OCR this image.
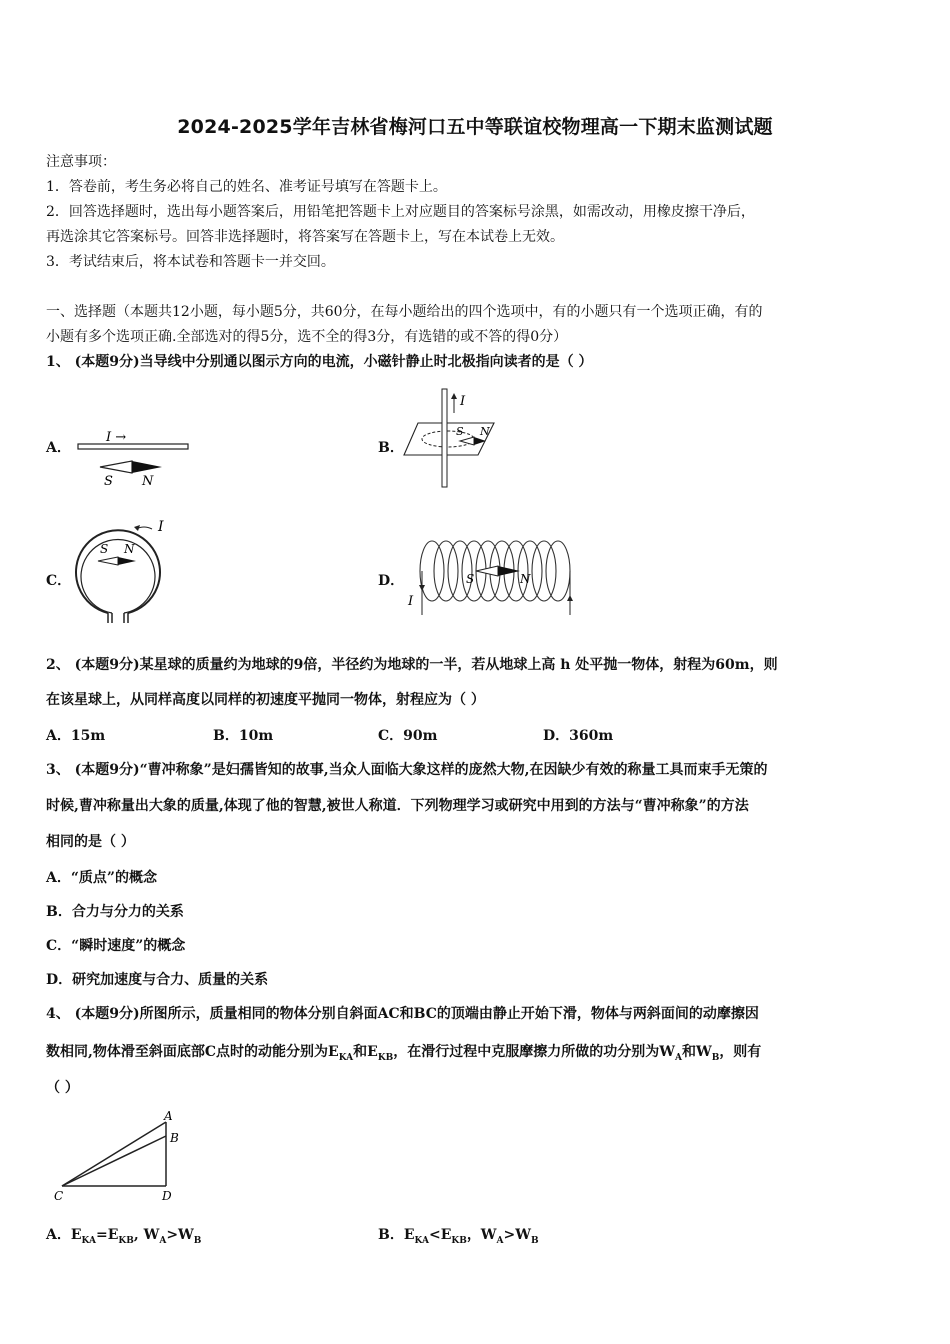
2024-2025学年吉林省梅河口五中等联谊校物理高一下期末监测试题
注意事项：
1．答卷前，考生务必将自己的姓名、准考证号填写在答题卡上。
2．回答选择题时，选出每小题答案后，用铅笔把答题卡上对应题目的答案标号涂黑，如需改动，用橡皮擦干净后，
再选涂其它答案标号。回答非选择题时，将答案写在答题卡上，写在本试卷上无效。
3．考试结束后，将本试卷和答题卡一并交回。
一、选择题（本题共12小题，每小题5分，共60分，在每小题给出的四个选项中，有的小题只有一个选项正确，有的
小题有多个选项正确.全部选对的得5分，选不全的得3分，有选错的或不答的得0分）
1、 (本题9分)当导线中分别通以图示方向的电流，小磁针静止时北极指向读者的是（ ）
A．
I →
S N
B．
I
S N
C．
I
S N
D．
I
S	N
2、 (本题9分)某星球的质量约为地球的9倍，半径约为地球的一半，若从地球上高 h 处平抛一物体，射程为60m，则
在该星球上，从同样高度以同样的初速度平抛同一物体，射程应为（ ）
A．15m	B．10m	C．90m	D．360m
3、 (本题9分)“曹冲称象”是妇孺皆知的故事,当众人面临大象这样的庞然大物,在因缺少有效的称量工具而束手无策的
时候,曹冲称量出大象的质量,体现了他的智慧,被世人称道．下列物理学习或研究中用到的方法与“曹冲称象”的方法
相同的是（ ）
A．“质点”的概念
B．合力与分力的关系
C．“瞬时速度”的概念
D．研究加速度与合力、质量的关系
4、 (本题9分)所图所示，质量相同的物体分别自斜面AC和BC的顶端由静止开始下滑，物体与两斜面间的动摩擦因
数相同,物体滑至斜面底部C点时的动能分别为$E_{KA}$和$E_{KB}$，在滑行过程中克服摩擦力所做的功分别为$W_A$和$W_B$，则有
（ ）
A
B
C	D
A．$E_{KA}=E_{KB}$, $W_A>W_B$	B．$E_{KA}<E_{KB}$，$W_A>W_B$
